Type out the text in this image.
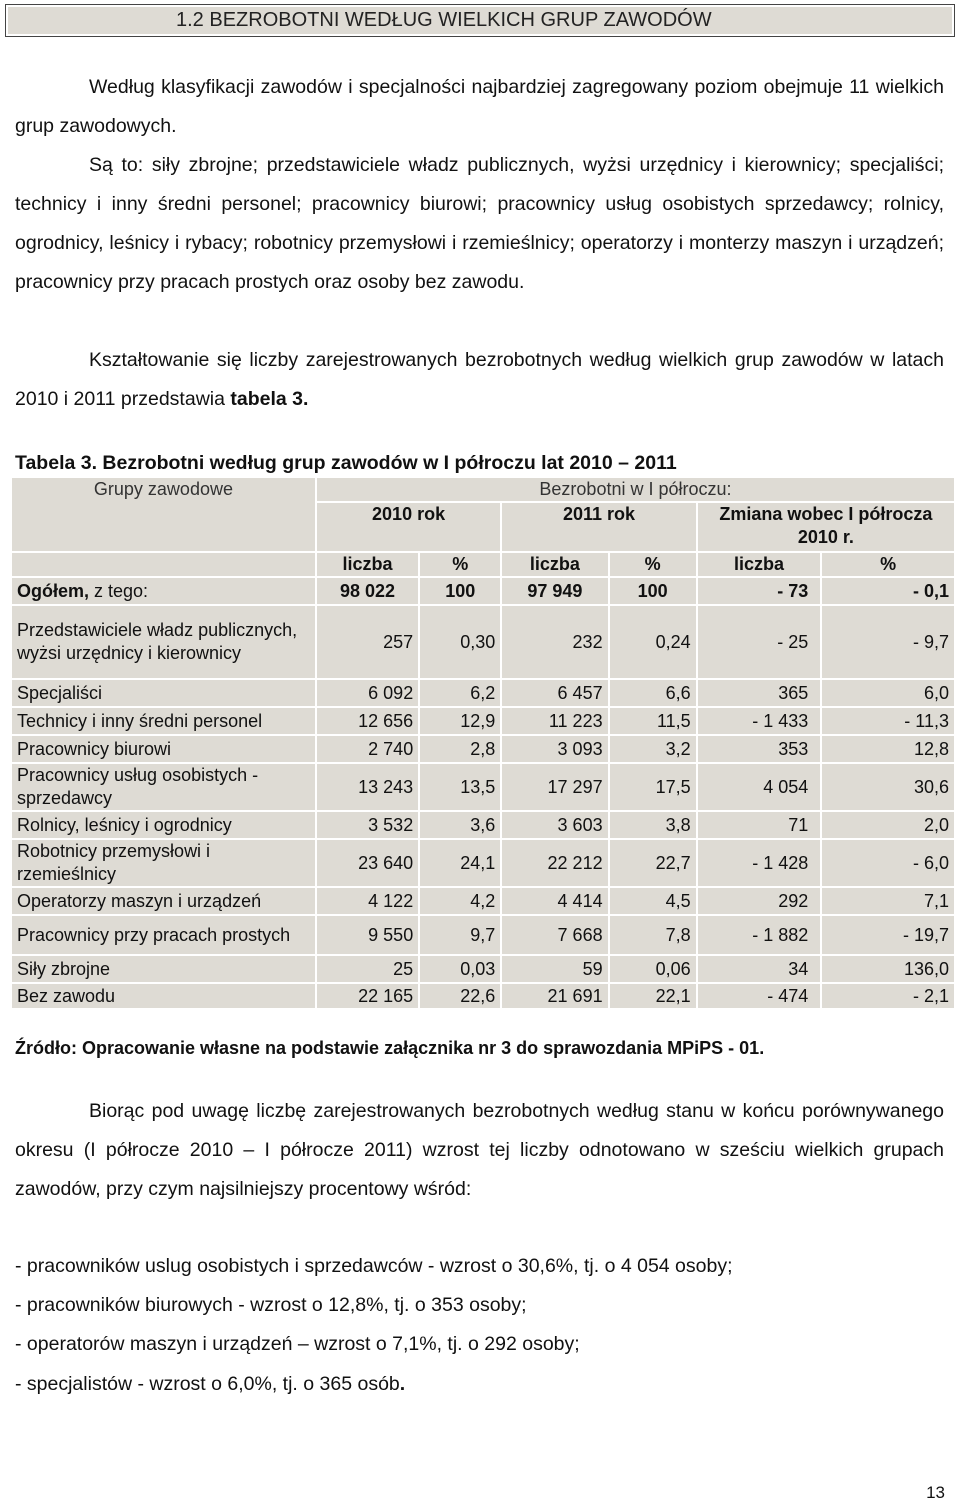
1.2 BEZROBOTNI WEDŁUG WIELKICH GRUP ZAWODÓW

Według klasyfikacji zawodów i specjalności najbardziej zagregowany poziom obejmuje 11 wielkich grup zawodowych.

Są to: siły zbrojne; przedstawiciele władz publicznych, wyżsi urzędnicy i kierownicy; specjaliści; technicy i inny średni personel; pracownicy biurowi; pracownicy usług osobistych sprzedawcy; rolnicy, ogrodnicy, leśnicy i rybacy; robotnicy przemysłowi i rzemieślnicy; operatorzy i monterzy maszyn i urządzeń; pracownicy przy pracach prostych oraz osoby bez zawodu.

Kształtowanie się liczby zarejestrowanych bezrobotnych według wielkich grup zawodów w latach 2010 i 2011 przedstawia tabela 3.

Tabela 3. Bezrobotni według grup zawodów w I półroczu lat 2010 – 2011

Grupy zawodowe	Bezrobotni w I półroczu:					
	2010 rok		2011 rok		Zmiana wobec I półrocza 2010 r.	
	liczba	%	liczba	%	liczba	%
Ogółem, z tego:	98 022	100	97 949	100	- 73	- 0,1
Przedstawiciele władz publicznych, wyżsi urzędnicy i kierownicy	257	0,30	232	0,24	- 25	- 9,7
Specjaliści	6 092	6,2	6 457	6,6	365	6,0
Technicy i inny średni personel	12 656	12,9	11 223	11,5	- 1 433	- 11,3
Pracownicy biurowi	2 740	2,8	3 093	3,2	353	12,8
Pracownicy usług osobistych - sprzedawcy	13 243	13,5	17 297	17,5	4 054	30,6
Rolnicy, leśnicy i ogrodnicy	3 532	3,6	3 603	3,8	71	2,0
Robotnicy przemysłowi i rzemieślnicy	23 640	24,1	22 212	22,7	- 1 428	- 6,0
Operatorzy maszyn i urządzeń	4 122	4,2	4 414	4,5	292	7,1
Pracownicy przy pracach prostych	9 550	9,7	7 668	7,8	- 1 882	- 19,7
Siły zbrojne	25	0,03	59	0,06	34	136,0
Bez zawodu	22 165	22,6	21 691	22,1	- 474	- 2,1

Źródło: Opracowanie własne na podstawie załącznika nr 3 do sprawozdania MPiPS - 01.

Biorąc pod uwagę liczbę zarejestrowanych bezrobotnych według stanu w końcu porównywanego okresu (I półrocze 2010 – I półrocze 2011) wzrost tej liczby odnotowano w sześciu wielkich grupach zawodów, przy czym najsilniejszy procentowy wśród:

- pracowników uslug osobistych i sprzedawców - wzrost o 30,6%, tj. o 4 054 osoby;

- pracowników biurowych - wzrost o 12,8%, tj. o 353 osoby;

- operatorów maszyn i urządzeń – wzrost o 7,1%, tj. o 292 osoby;

- specjalistów - wzrost o 6,0%, tj. o 365 osób.

13
